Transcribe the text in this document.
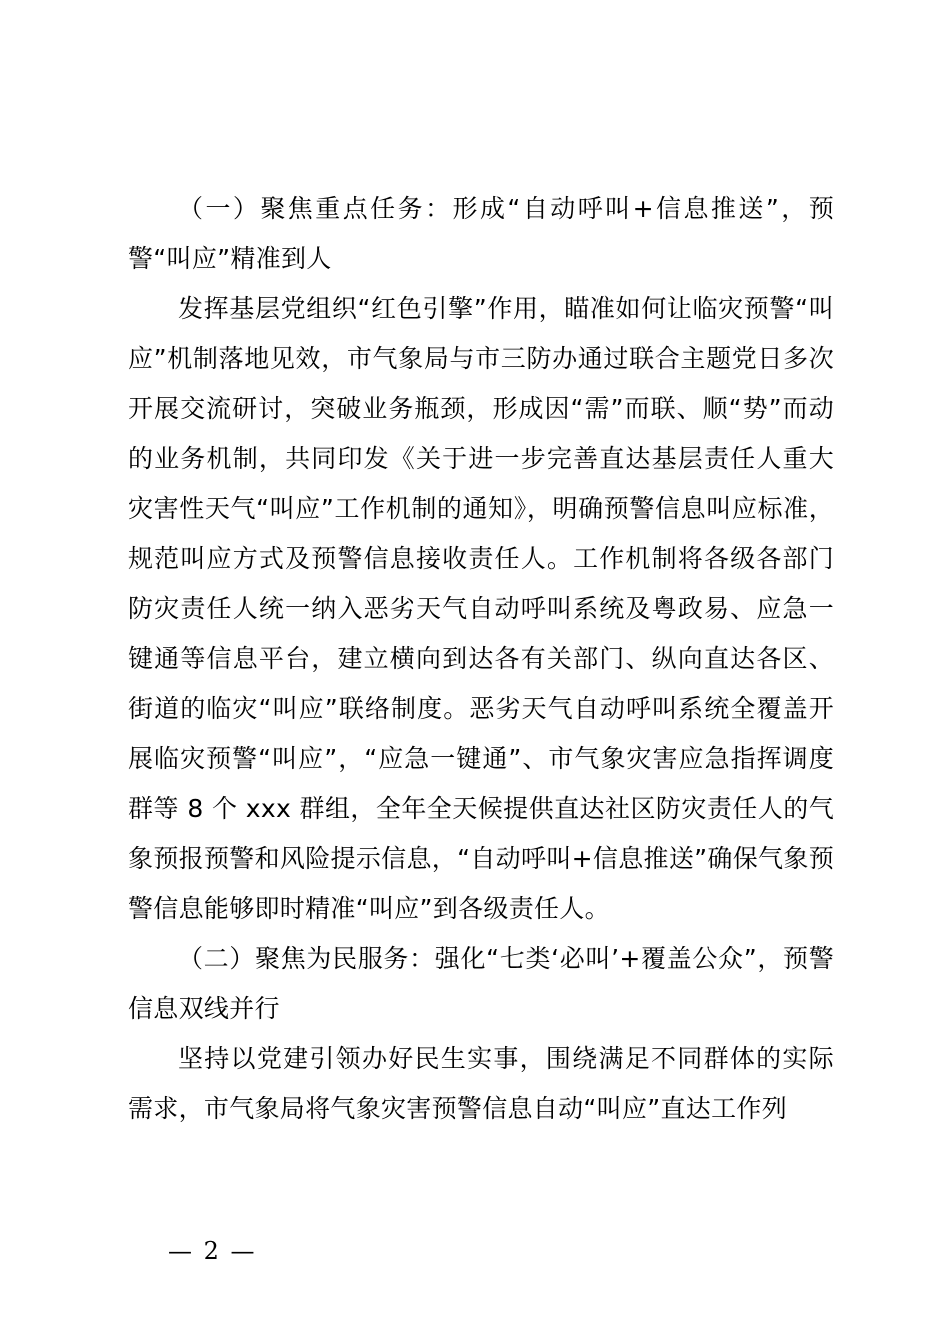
（一）聚焦重点任务：形成“自动呼叫+信息推送”，预警“叫应”精准到人

发挥基层党组织“红色引擎”作用，瞄准如何让临灾预警“叫应”机制落地见效，市气象局与市三防办通过联合主题党日多次开展交流研讨，突破业务瓶颈，形成因“需”而联、顺“势”而动的业务机制，共同印发《关于进一步完善直达基层责任人重大灾害性天气“叫应”工作机制的通知》，明确预警信息叫应标准，规范叫应方式及预警信息接收责任人。工作机制将各级各部门防灾责任人统一纳入恶劣天气自动呼叫系统及粤政易、应急一键通等信息平台，建立横向到达各有关部门、纵向直达各区、街道的临灾“叫应”联络制度。恶劣天气自动呼叫系统全覆盖开展临灾预警“叫应”，“应急一键通”、市气象灾害应急指挥调度群等 8 个 xxx 群组，全年全天候提供直达社区防灾责任人的气象预报预警和风险提示信息，“自动呼叫+信息推送”确保气象预警信息能够即时精准“叫应”到各级责任人。

（二）聚焦为民服务：强化“七类‘必叫’+覆盖公众”，预警信息双线并行

坚持以党建引领办好民生实事，围绕满足不同群体的实际需求，市气象局将气象灾害预警信息自动“叫应”直达工作列

— 2 —
